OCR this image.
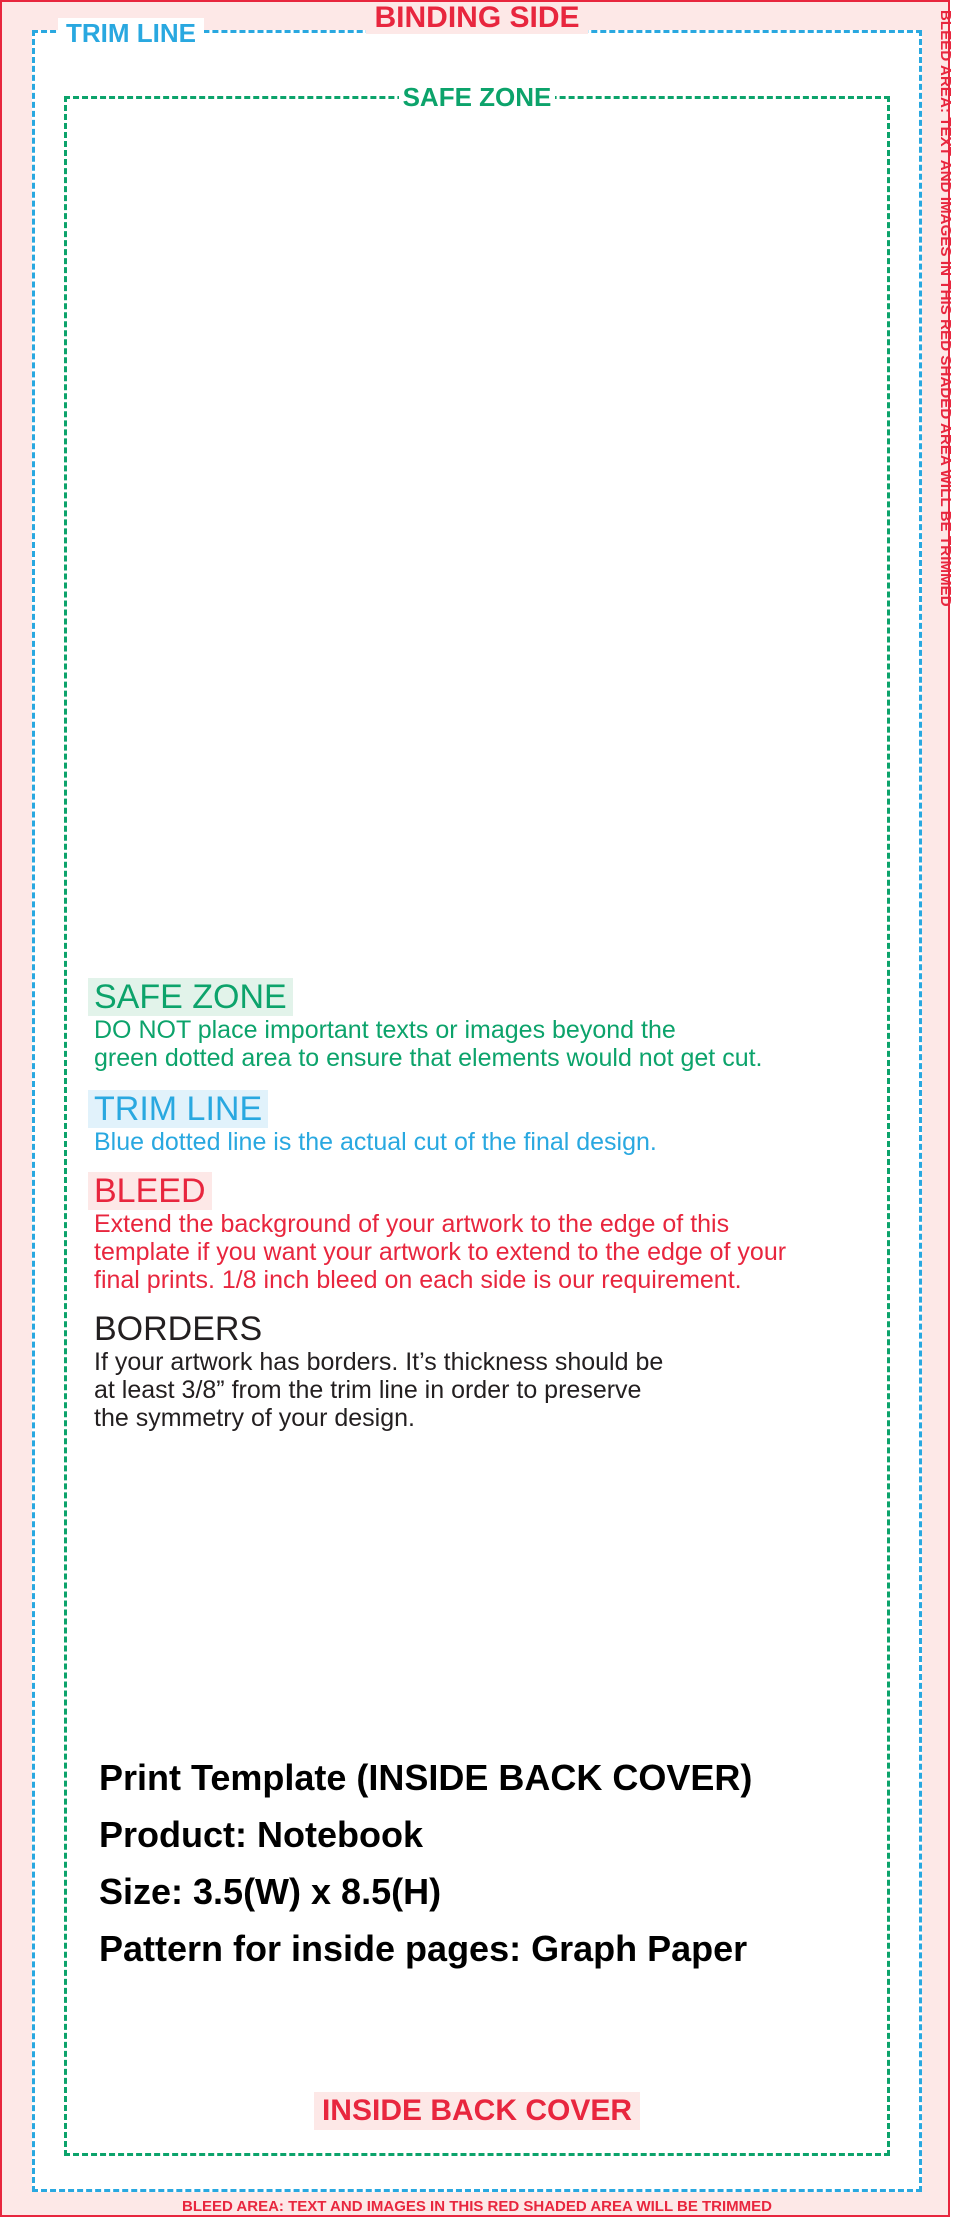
BINDING SIDE
TRIM LINE
SAFE ZONE	BLEED AREA: TEXT AND IMAGES IN THIS RED SHADED AREA WILL BE TRIMMED
SAFE ZONE
DO NOT place important texts or images beyond the
green dotted area to ensure that elements would not get cut.
TRIM LINE
Blue dotted line is the actual cut of the final design.
BLEED
Extend the background of your artwork to the edge of this
template if you want your artwork to extend to the edge of your
final prints. 1/8 inch bleed on each side is our requirement.
BORDERS
If your artwork has borders. It’s thickness should be
at least 3/8” from the trim line in order to preserve
the symmetry of your design.
Print Template (INSIDE BACK COVER)
Product: Notebook
Size: 3.5(W) x 8.5(H)
Pattern for inside pages: Graph Paper
INSIDE BACK COVER
BLEED AREA: TEXT AND IMAGES IN THIS RED SHADED AREA WILL BE TRIMMED
